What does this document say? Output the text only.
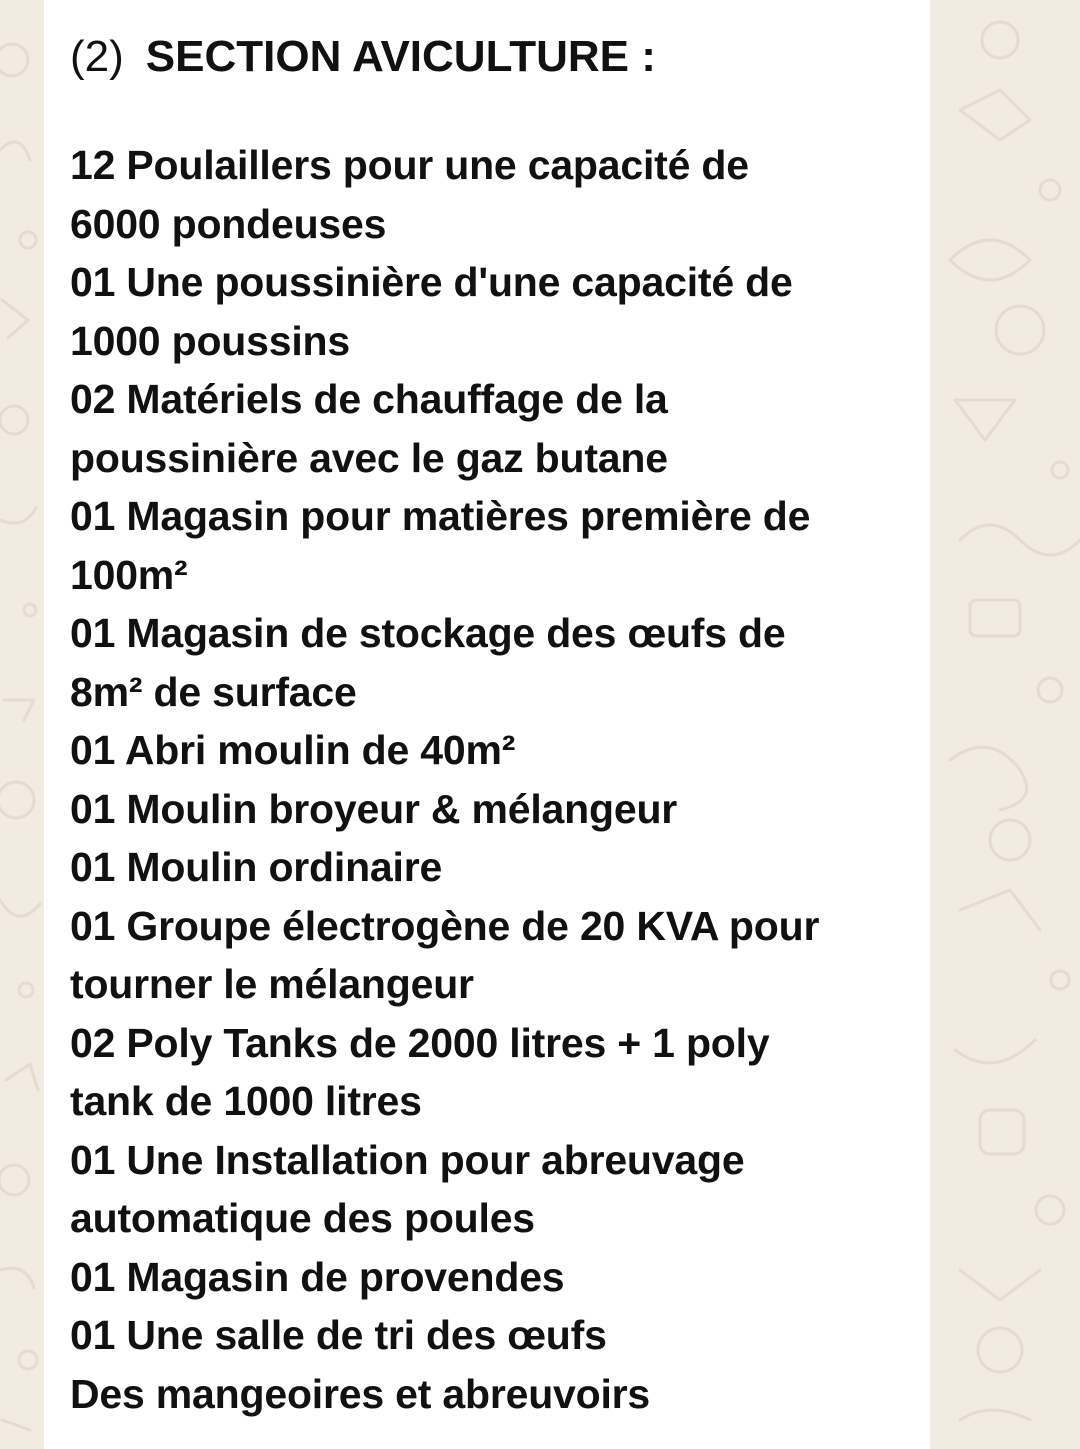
(2) SECTION AVICULTURE :
12 Poulaillers pour une capacité de
6000 pondeuses
01 Une poussinière d'une capacité de
1000 poussins
02 Matériels de chauffage de la
poussinière avec le gaz butane
01 Magasin pour matières première de
100m²
01 Magasin de stockage des œufs de
8m² de surface
01 Abri moulin de 40m²
01 Moulin broyeur & mélangeur
01 Moulin ordinaire
01 Groupe électrogène de 20 KVA pour
tourner le mélangeur
02 Poly Tanks de 2000 litres + 1 poly
tank de 1000 litres
01 Une Installation pour abreuvage
automatique des poules
01 Magasin de provendes
01 Une salle de tri des œufs
Des mangeoires et abreuvoirs
